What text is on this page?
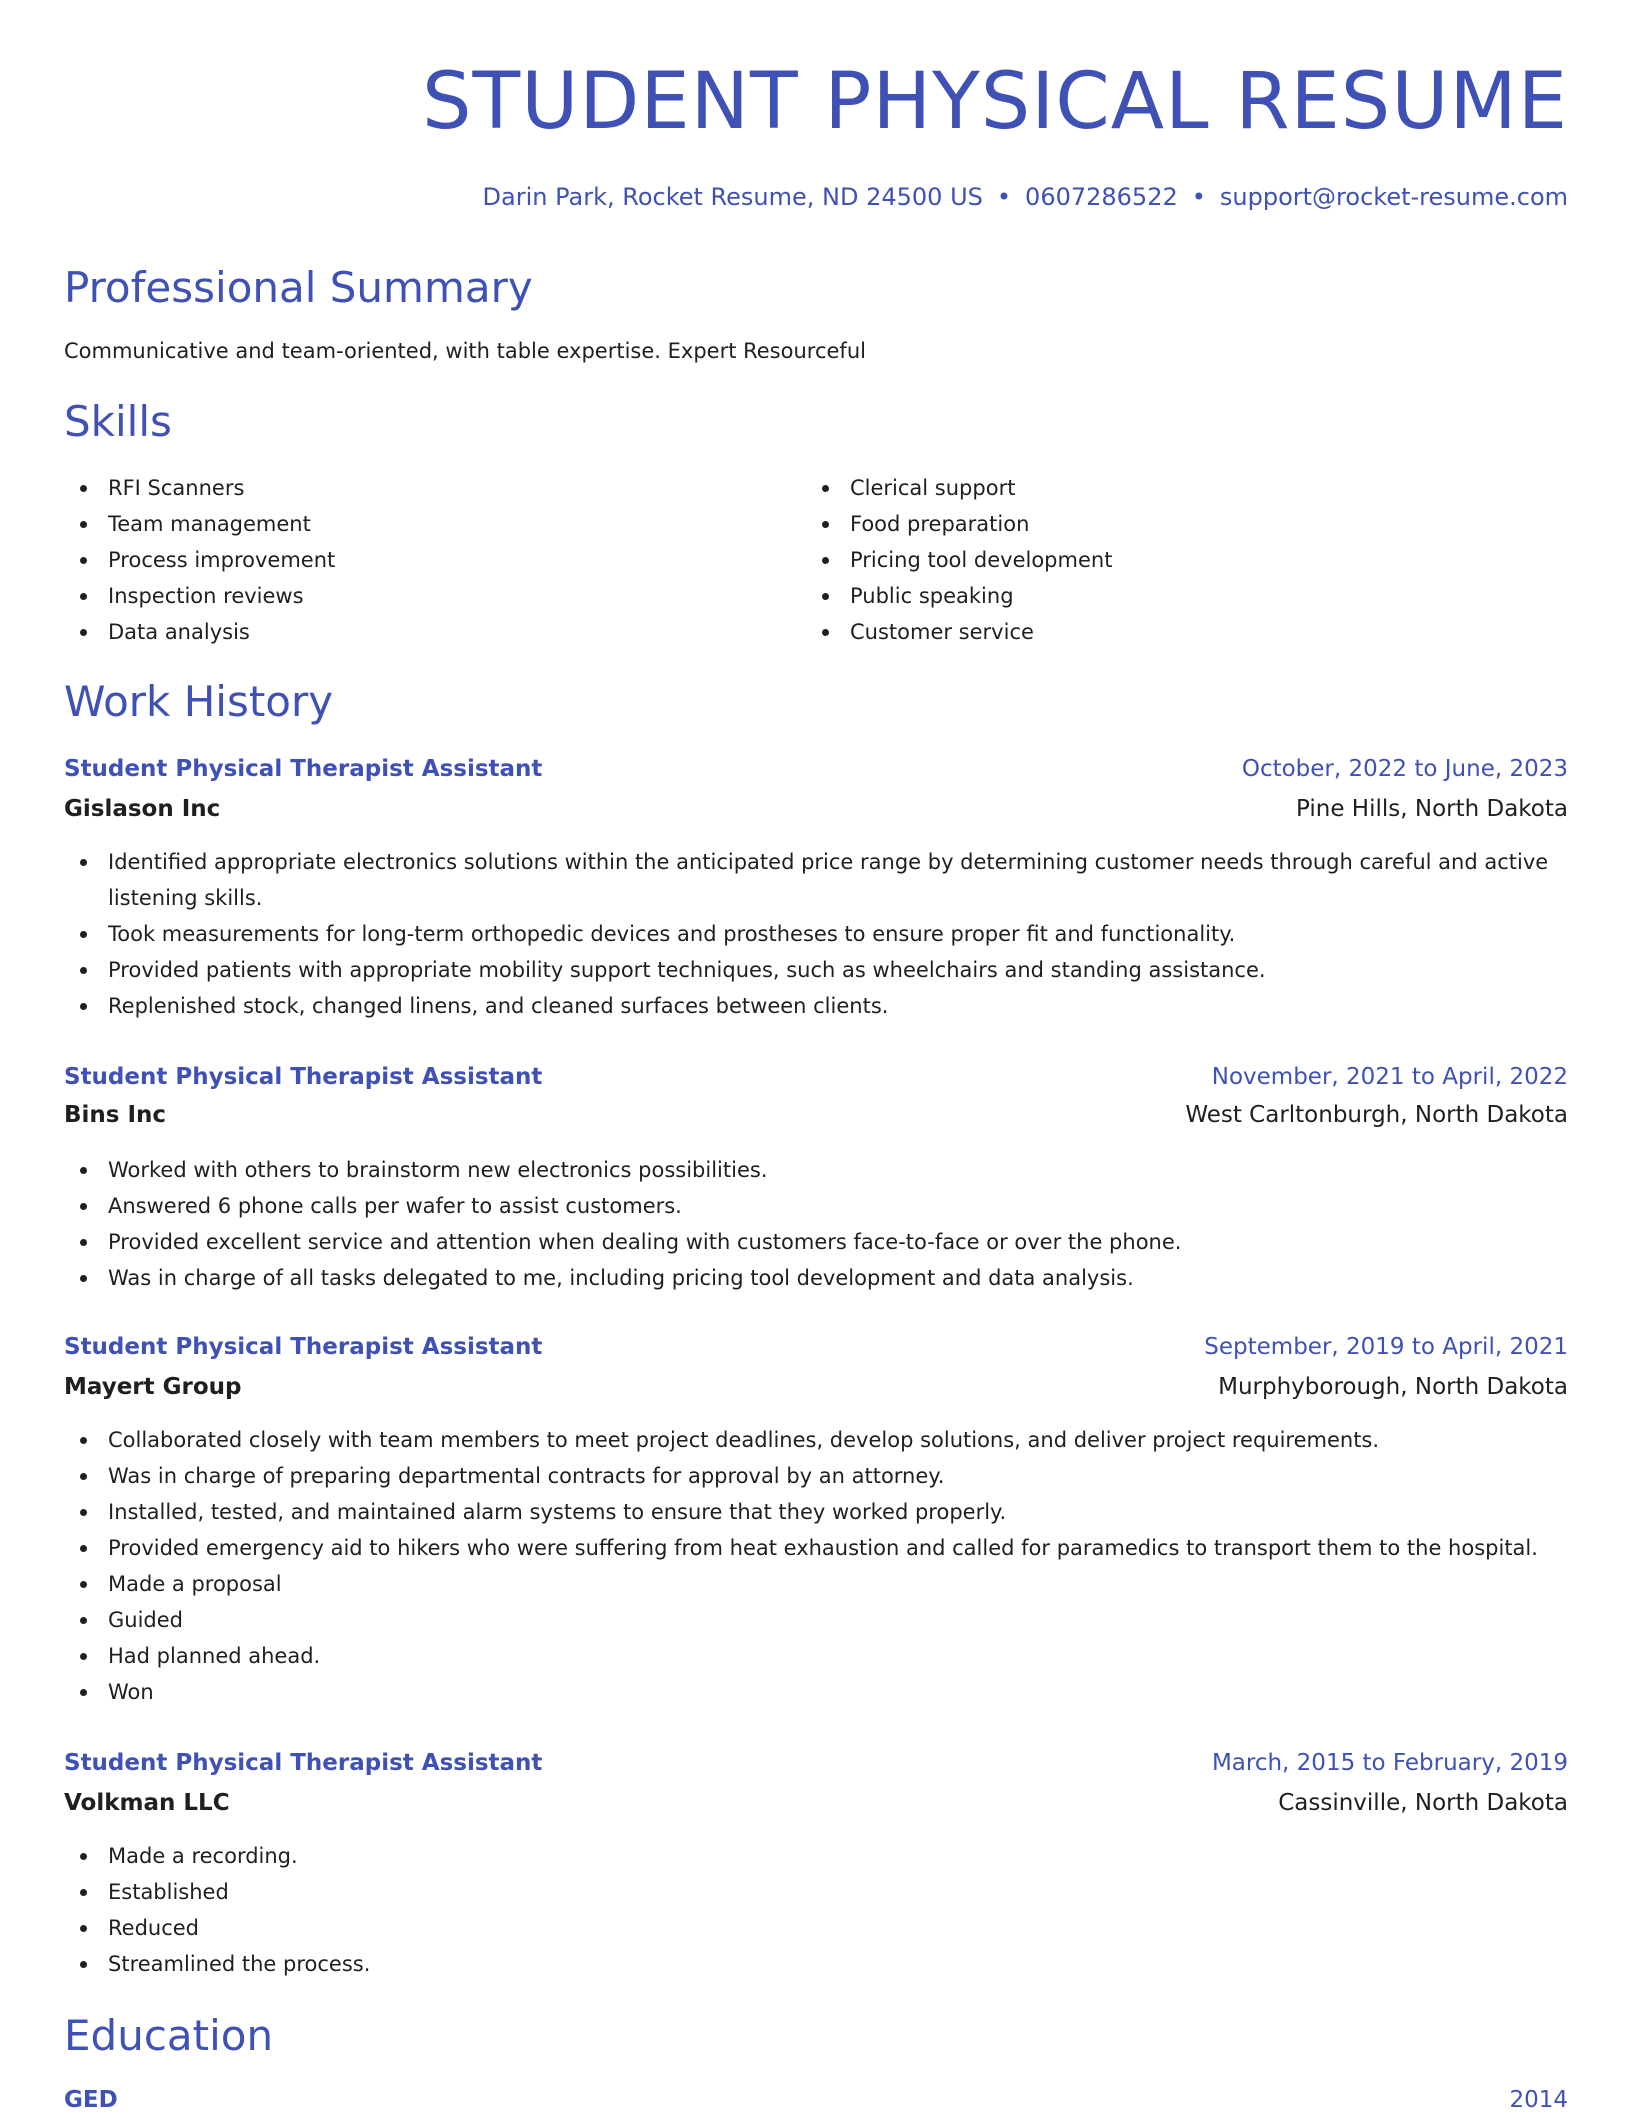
STUDENT PHYSICAL RESUME
Darin Park, Rocket Resume, ND 24500 US • 0607286522 • support@rocket-resume.com
Professional Summary
Communicative and team-oriented, with table expertise. Expert Resourceful
Skills
RFI Scanners
Team management
Process improvement
Inspection reviews
Data analysis
Clerical support
Food preparation
Pricing tool development
Public speaking
Customer service
Work History
Student Physical Therapist Assistant	October, 2022 to June, 2023
Gislason Inc	Pine Hills, North Dakota
Identified appropriate electronics solutions within the anticipated price range by determining customer needs through careful and active listening skills.
Took measurements for long-term orthopedic devices and prostheses to ensure proper fit and functionality.
Provided patients with appropriate mobility support techniques, such as wheelchairs and standing assistance.
Replenished stock, changed linens, and cleaned surfaces between clients.
Student Physical Therapist Assistant	November, 2021 to April, 2022
Bins Inc	West Carltonburgh, North Dakota
Worked with others to brainstorm new electronics possibilities.
Answered 6 phone calls per wafer to assist customers.
Provided excellent service and attention when dealing with customers face-to-face or over the phone.
Was in charge of all tasks delegated to me, including pricing tool development and data analysis.
Student Physical Therapist Assistant	September, 2019 to April, 2021
Mayert Group	Murphyborough, North Dakota
Collaborated closely with team members to meet project deadlines, develop solutions, and deliver project requirements.
Was in charge of preparing departmental contracts for approval by an attorney.
Installed, tested, and maintained alarm systems to ensure that they worked properly.
Provided emergency aid to hikers who were suffering from heat exhaustion and called for paramedics to transport them to the hospital.
Made a proposal
Guided
Had planned ahead.
Won
Student Physical Therapist Assistant	March, 2015 to February, 2019
Volkman LLC	Cassinville, North Dakota
Made a recording.
Established
Reduced
Streamlined the process.
Education
GED	2014
